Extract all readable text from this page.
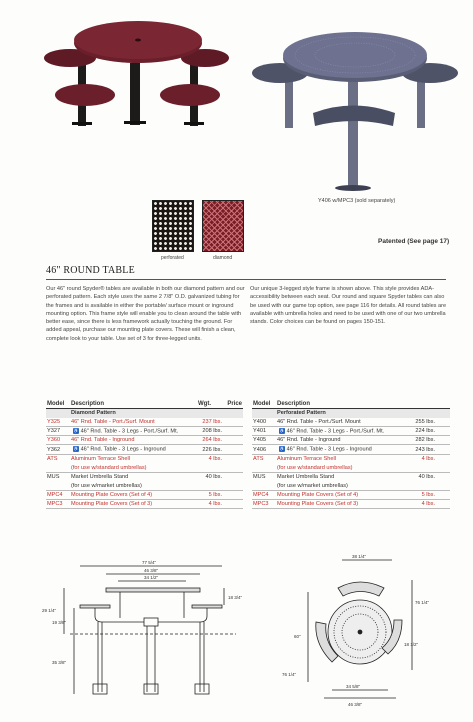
Y406 w/MPC3 (sold separately)
perforated	diamond
Patented (See page 17)
46" ROUND TABLE

Our 46" round Spyder® tables are available in both our diamond pattern and our perforated pattern. Each style uses the same 2 7/8" O.D. galvanized tubing for the frames and is available in either the portable/ surface mount or inground mounting option. This frame style will enable you to clean around the table with better ease, since there is less framework actually touching the ground. For added appeal, purchase our mounting plate covers. These will finish a clean, complete look to your table. Use set of 3 for three-legged units.

Our unique 3-legged style frame is shown above. This style provides ADA-accessibility between each seat. Our round and square Spyder tables can also be used with our game top option, see page 116 for details. All round tables are available with umbrella holes and need to be used with one of our two umbrella stands. Color choices can be found on pages 150-151.

Model	Description	Wgt.	Price
	Diamond Pattern		
Y325	46" Rnd. Table - Port./Surf. Mount	237 lbs.	
Y327	♿ 46" Rnd. Table - 3 Legs - Port./Surf. Mt.	208 lbs.	
Y360	46" Rnd. Table - Inground	264 lbs.	
Y362	♿ 46" Rnd. Table - 3 Legs - Inground	226 lbs.	
ATS	Aluminum Terrace Shell	4 lbs.	
	(for use w/standard umbrellas)		
MUS	Market Umbrella Stand	40 lbs.	
	(for use w/market umbrellas)		
MPC4	Mounting Plate Covers (Set of 4)	5 lbs.	
MPC3	Mounting Plate Covers (Set of 3)	4 lbs.	
Model	Description		
	Perforated Pattern		
Y400	46" Rnd. Table - Port./Surf. Mount	255 lbs.	
Y401	♿ 46" Rnd. Table - 3 Legs - Port./Surf. Mt.	224 lbs.	
Y405	46" Rnd. Table - Inground	282 lbs.	
Y406	♿ 46" Rnd. Table - 3 Legs - Inground	243 lbs.	
ATS	Aluminum Terrace Shell	4 lbs.	
	(for use w/standard umbrellas)		
MUS	Market Umbrella Stand	40 lbs.	
	(for use w/market umbrellas)		
MPC4	Mounting Plate Covers (Set of 4)	5 lbs.	
MPC3	Mounting Plate Covers (Set of 3)	4 lbs.	
77 5/4"
46 3/8"
34 1/2"
18 3/4"
29 1/4"
19 3/8"
35 3/8"
38 1/4"
76 1/4"
60"
18 1/2"
76 1/4"
34 5/8"
46 3/8"
